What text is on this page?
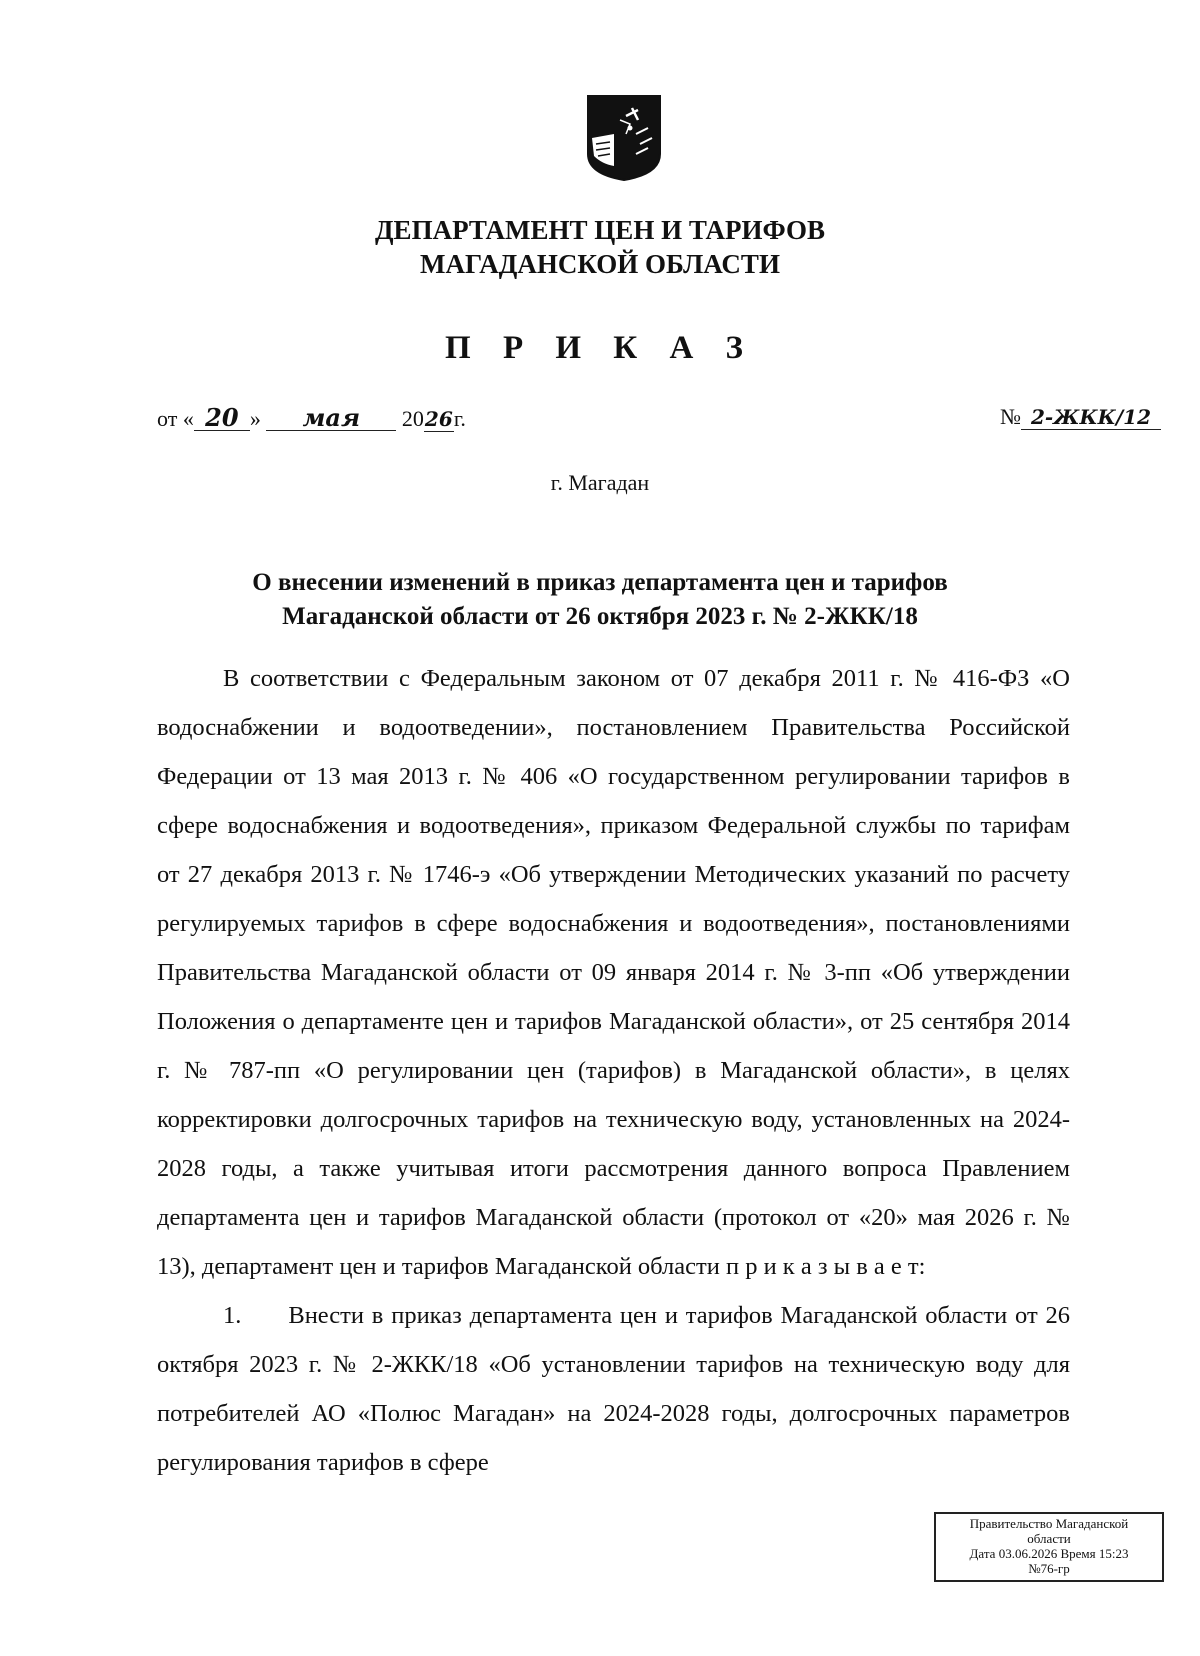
ДЕПАРТАМЕНТ ЦЕН И ТАРИФОВ
МАГАДАНСКОЙ ОБЛАСТИ
П Р И К А З
от « 20 » мая 2026г.	№ 2-ЖКК/12
г. Магадан
О внесении изменений в приказ департамента цен и тарифов
Магаданской области от 26 октября 2023 г. № 2-ЖКК/18

В соответствии с Федеральным законом от 07 декабря 2011 г. № 416-ФЗ «О водоснабжении и водоотведении», постановлением Правительства Российской Федерации от 13 мая 2013 г. № 406 «О государственном регулировании тарифов в сфере водоснабжения и водоотведения», приказом Федеральной службы по тарифам от 27 декабря 2013 г. № 1746-э «Об утверждении Методических указаний по расчету регулируемых тарифов в сфере водоснабжения и водоотведения», постановлениями Правительства Магаданской области от 09 января 2014 г. № 3-пп «Об утверждении Положения о департаменте цен и тарифов Магаданской области», от 25 сентября 2014 г. № 787-пп «О регулировании цен (тарифов) в Магаданской области», в целях корректировки долгосрочных тарифов на техническую воду, установленных на 2024-2028 годы, а также учитывая итоги рассмотрения данного вопроса Правлением департамента цен и тарифов Магаданской области (протокол от «20» мая 2026 г. № 13), департамент цен и тарифов Магаданской области п р и к а з ы в а е т:

1.      Внести в приказ департамента цен и тарифов Магаданской области от 26 октября 2023 г. № 2-ЖКК/18 «Об установлении тарифов на техническую воду для потребителей АО «Полюс Магадан» на 2024-2028 годы, долгосрочных параметров регулирования тарифов в сфере

Правительство Магаданской
области
Дата 03.06.2026 Время 15:23
№76-гр
